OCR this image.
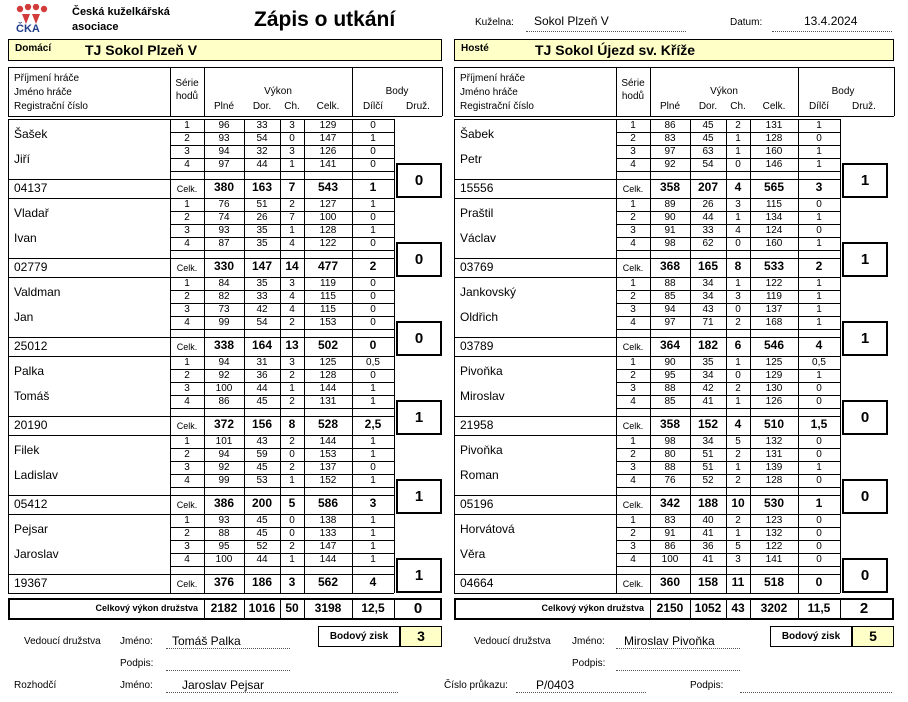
ČKA
Česká kuželkářská
asociace	Zápis o utkání	Kuželna: Sokol Plzeň V	Datum:	13.4.2024
Domácí TJ Sokol Plzeň V	Hosté	TJ Sokol Újezd sv. Kříže
Příjmení hráče
Jméno hráče
Registrační číslo
Série
hodů	Výkon	Body
Plné	Dor.	Ch.	Celk.	Dílčí	Druž.
Šašek
Jiří
04137
1	96	33	3	129	0
2	93	54	0	147	1
3	94	32	3	126	0
4	97	44	1	141	0
Celk.	380	163	7	543	1	0
Vladař
Ivan
02779
1	76	51	2	127	1
2	74	26	7	100	0
3	93	35	1	128	1
4	87	35	4	122	0
Celk.	330	147	14	477	2	0
Valdman
Jan
25012
1	84	35	3	119	0
2	82	33	4	115	0
3	73	42	4	115	0
4	99	54	2	153	0
Celk.	338	164	13	502	0	0
Palka
Tomáš
20190
1	94	31	3	125	0,5
2	92	36	2	128	0
3	100	44	1	144	1
4	86	45	2	131	1
Celk.	372	156	8	528	2,5	1
Filek
Ladislav
05412
1	101	43	2	144	1
2	94	59	0	153	1
3	92	45	2	137	0
4	99	53	1	152	1
Celk.	386	200	5	586	3	1
Pejsar
Jaroslav
19367
1	93	45	0	138	1
2	88	45	0	133	1
3	95	52	2	147	1
4	100	44	1	144	1
Celk.	376	186	3	562	4	1
Příjmení hráče
Jméno hráče
Registrační číslo
Série
hodů	Výkon	Body
Plné	Dor.	Ch.	Celk.	Dílčí	Druž.
Šabek
Petr
15556
1	86	45	2	131	1
2	83	45	1	128	0
3	97	63	1	160	1
4	92	54	0	146	1
Celk.	358	207	4	565	3	1
Praštil
Václav
03769
1	89	26	3	115	0
2	90	44	1	134	1
3	91	33	4	124	0
4	98	62	0	160	1
Celk.	368	165	8	533	2	1
Jankovský
Oldřich
03789
1	88	34	1	122	1
2	85	34	3	119	1
3	94	43	0	137	1
4	97	71	2	168	1
Celk.	364	182	6	546	4	1
Pivoňka
Miroslav
21958
1	90	35	1	125	0,5
2	95	34	0	129	1
3	88	42	2	130	0
4	85	41	1	126	0
Celk.	358	152	4	510	1,5	0
Pivoňka
Roman
05196
1	98	34	5	132	0
2	80	51	2	131	0
3	88	51	1	139	1
4	76	52	2	128	0
Celk.	342	188	10	530	1	0
Horvátová
Věra
04664
1	83	40	2	123	0
2	91	41	1	132	0
3	86	36	5	122	0
4	100	41	3	141	0
Celk.	360	158	11	518	0	0
Celkový výkon družstva	2182 1016 50	3198	12,5	0	Celkový výkon družstva	2150 1052 43	3202	11,5	2
Vedoucí družstva Jméno: Tomáš Palka
Podpis:
Bodový zisk	3	Vedoucí družstva Jméno: Miroslav Pivoňka
Podpis:
Bodový zisk	5
Rozhodčí	Jméno: Jaroslav Pejsar	Číslo průkazu: P/0403	Podpis:
